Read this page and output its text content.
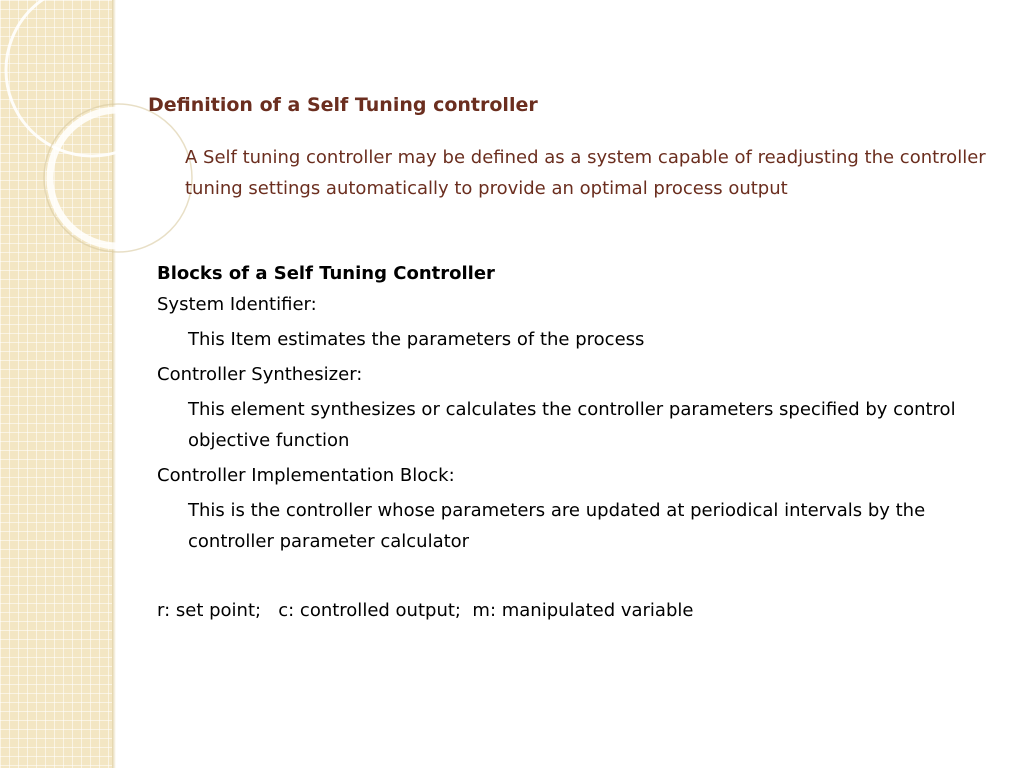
Definition of a Self Tuning controller

A Self tuning controller may be defined as a system capable of readjusting the controller tuning settings automatically to provide an optimal process output

Blocks of a Self Tuning Controller

System Identifier:

This Item estimates the parameters of the process

Controller Synthesizer:

This element synthesizes or calculates the controller parameters specified by control objective function

Controller Implementation Block:

This is the controller whose parameters are updated at periodical intervals by the controller parameter calculator

r: set point;   c: controlled output;  m: manipulated variable
